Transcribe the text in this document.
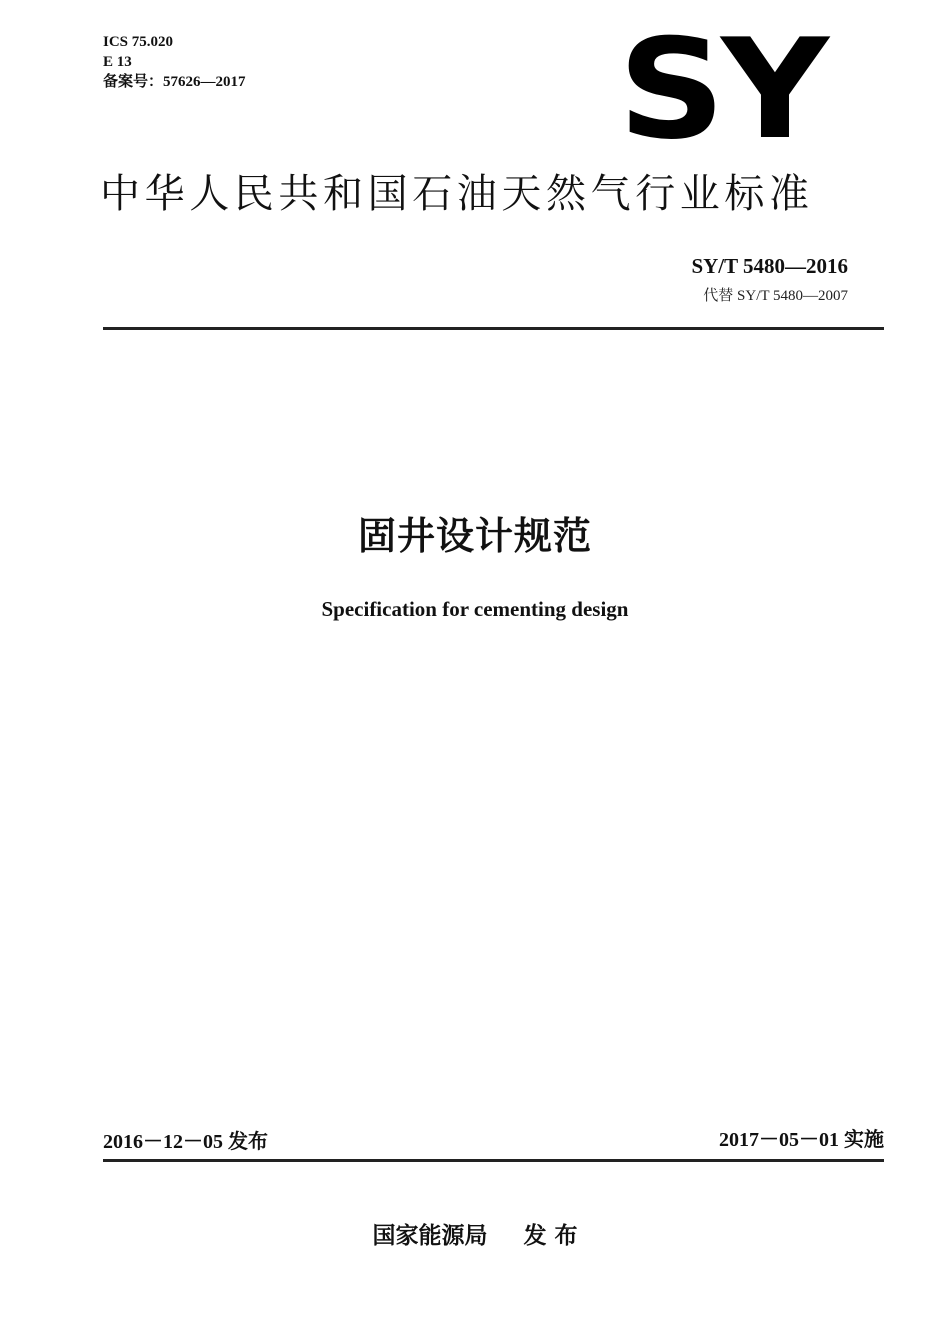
ICS 75.020
E 13
备案号：57626—2017	SY
中华人民共和国石油天然气行业标准
SY/T 5480—2016
代替 SY/T 5480—2007
固井设计规范
Specification for cementing design
2016－12－05 发布	2017－05－01 实施
国家能源局 发 布
